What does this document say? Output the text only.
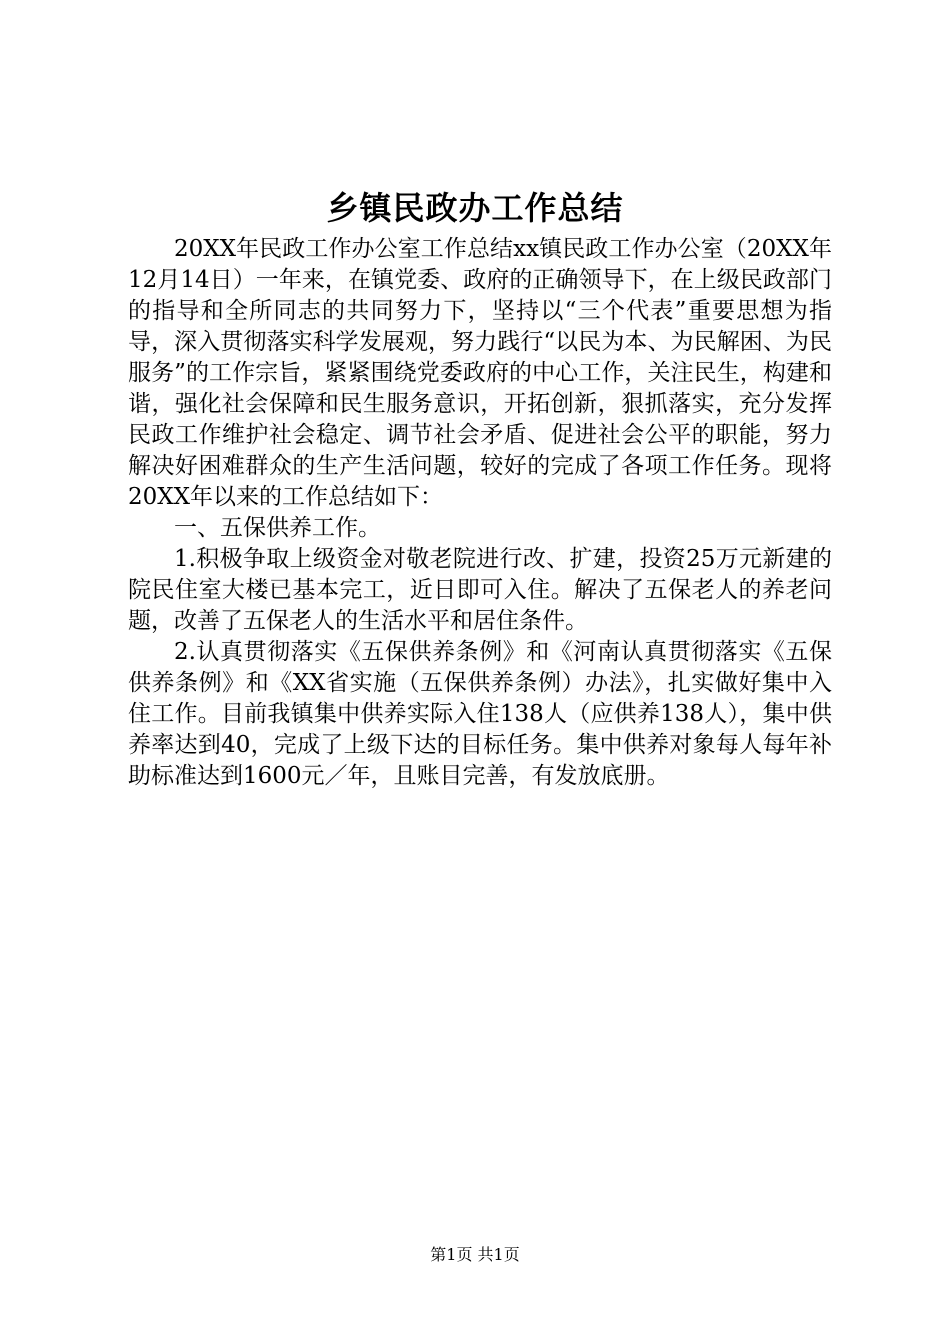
乡镇民政办工作总结

20XX年民政工作办公室工作总结xx镇民政工作办公室（20XX年12月14日）一年来，在镇党委、政府的正确领导下，在上级民政部门的指导和全所同志的共同努力下，坚持以“三个代表”重要思想为指导，深入贯彻落实科学发展观，努力践行“以民为本、为民解困、为民服务”的工作宗旨，紧紧围绕党委政府的中心工作，关注民生，构建和谐，强化社会保障和民生服务意识，开拓创新，狠抓落实，充分发挥民政工作维护社会稳定、调节社会矛盾、促进社会公平的职能，努力解决好困难群众的生产生活问题，较好的完成了各项工作任务。现将20XX年以来的工作总结如下：

一、五保供养工作。

1.积极争取上级资金对敬老院进行改、扩建，投资25万元新建的院民住室大楼已基本完工，近日即可入住。解决了五保老人的养老问题，改善了五保老人的生活水平和居住条件。

2.认真贯彻落实《五保供养条例》和《河南认真贯彻落实《五保供养条例》和《XX省实施（五保供养条例）办法》，扎实做好集中入住工作。目前我镇集中供养实际入住138人（应供养138人），集中供养率达到40，完成了上级下达的目标任务。集中供养对象每人每年补助标准达到1600元／年，且账目完善，有发放底册。

第1页 共1页
